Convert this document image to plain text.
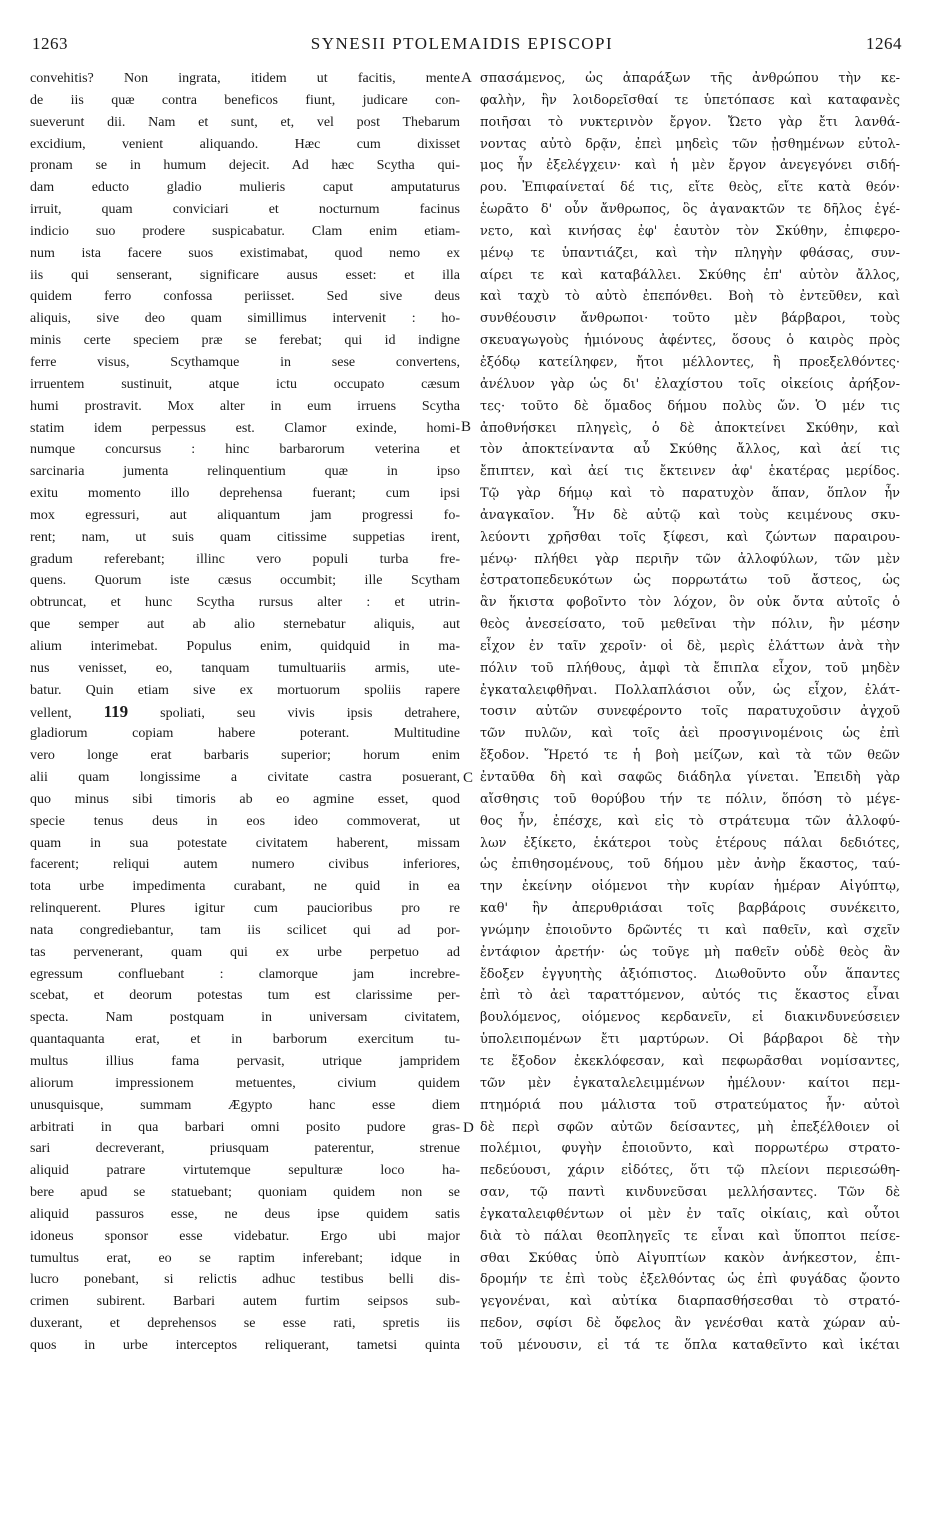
1263	SYNESII PTOLEMAIDIS EPISCOPI	1264
convehitis? Non ingrata, itidem ut facitis, mente
de iis quæ contra beneficos fiunt, judicare con-
sueverunt dii. Nam et sunt, et, vel post Thebarum
excidium, venient aliquando. Hæc cum dixisset
pronam se in humum dejecit. Ad hæc Scytha qui-
dam educto gladio mulieris caput amputaturus
irruit, quam conviciari et nocturnum facinus
indicio suo prodere suspicabatur. Clam enim etiam-
num ista facere suos existimabat, quod nemo ex
iis qui senserant, significare ausus esset: et illa
quidem ferro confossa periisset. Sed sive deus
aliquis, sive deo quam simillimus intervenit : ho-
minis certe speciem præ se ferebat; qui id indigne
ferre visus, Scythamque in sese convertens,
irruentem sustinuit, atque ictu occupato cæsum
humi prostravit. Mox alter in eum irruens Scytha
statim idem perpessus est. Clamor exinde, homi-
numque concursus : hinc barbarorum veterina et
sarcinaria jumenta relinquentium quæ in ipso
exitu momento illo deprehensa fuerant; cum ipsi
mox egressuri, aut aliquantum jam progressi fo-
rent; nam, ut suis quam citissime suppetias irent,
gradum referebant; illinc vero populi turba fre-
quens. Quorum iste cæsus occumbit; ille Scytham
obtruncat, et hunc Scytha rursus alter : et utrin-
que semper aut ab alio sternebatur aliquis, aut
alium interimebat. Populus enim, quidquid in ma-
nus venisset, eo, tanquam tumultuariis armis, ute-
batur. Quin etiam sive ex mortuorum spoliis rapere
vellent, 119 spoliati, seu vivis ipsis detrahere,
gladiorum copiam habere poterant. Multitudine
vero longe erat barbaris superior; horum enim
alii quam longissime a civitate castra posuerant,
quo minus sibi timoris ab eo agmine esset, quod
specie tenus deus in eos ideo commoverat, ut
quam in sua potestate civitatem haberent, missam
facerent; reliqui autem numero civibus inferiores,
tota urbe impedimenta curabant, ne quid in ea
relinquerent. Plures igitur cum paucioribus pro re
nata congrediebantur, tam iis scilicet qui ad por-
tas pervenerant, quam qui ex urbe perpetuo ad
egressum confluebant : clamorque jam increbre-
scebat, et deorum potestas tum est clarissime per-
specta. Nam postquam in universam civitatem,
quantaquanta erat, et in barborum exercitum tu-
multus illius fama pervasit, utrique jampridem
aliorum impressionem metuentes, civium quidem
unusquisque, summam Ægypto hanc esse diem
arbitrati in qua barbari omni posito pudore gras-
sari decreverant, priusquam paterentur, strenue
aliquid patrare virtutemque sepulturæ loco ha-
bere apud se statuebant; quoniam quidem non se
aliquid passuros esse, ne deus ipse quidem satis
idoneus sponsor esse videbatur. Ergo ubi major
tumultus erat, eo se raptim inferebant; idque in
lucro ponebant, si relictis adhuc testibus belli dis-
crimen subirent. Barbari autem furtim seipsos sub-
duxerant, et deprehensos se esse rati, spretis iis
quos in urbe interceptos reliquerant, tametsi quinta
σπασάμενος, ὡς ἀπαράξων τῆς ἀνθρώπου τὴν κε-
φαλὴν, ἣν λοιδορεῖσθαί τε ὑπετόπασε καὶ καταφανὲς
ποιῆσαι τὸ νυκτερινὸν ἔργον. Ὤετο γὰρ ἔτι λανθά-
νοντας αὐτὸ δρᾷν, ἐπεὶ μηδεὶς τῶν ᾐσθημένων εὐτολ-
μος ἦν ἐξελέγχειν· καὶ ἡ μὲν ἔργον ἀνεγεγόνει σιδή-
ρου. Ἐπιφαίνεταί δέ τις, εἴτε θεὸς, εἴτε κατὰ θεόν·
ἑωρᾶτο δ' οὖν ἄνθρωπος, ὃς ἀγανακτῶν τε δῆλος ἐγέ-
νετο, καὶ κινήσας ἐφ' ἑαυτὸν τὸν Σκύθην, ἐπιφερο-
μένῳ τε ὑπαντιάζει, καὶ τὴν πληγὴν φθάσας, συν-
αίρει τε καὶ καταβάλλει. Σκύθης ἐπ' αὐτὸν ἄλλος,
καὶ ταχὺ τὸ αὐτὸ ἐπεπόνθει. Βοὴ τὸ ἐντεῦθεν, καὶ
συνθέουσιν ἄνθρωποι· τοῦτο μὲν βάρβαροι, τοὺς
σκευαγωγοὺς ἡμιόνους ἀφέντες, ὅσους ὁ καιρὸς πρὸς
ἐξόδῳ κατείληφεν, ἤτοι μέλλοντες, ἢ προεξελθόντες·
ἀνέλυον γὰρ ὡς δι' ἐλαχίστου τοῖς οἰκείοις ἀρήξον-
τες· τοῦτο δὲ ὅμαδος δήμου πολὺς ὤν. Ὁ μέν τις
ἀποθνήσκει πληγεὶς, ὁ δὲ ἀποκτείνει Σκύθην, καὶ
τὸν ἀποκτείναντα αὖ Σκύθης ἄλλος, καὶ ἀεί τις
ἔπιπτεν, καὶ ἀεί τις ἔκτεινεν ἀφ' ἑκατέρας μερίδος.
Τῷ γὰρ δήμῳ καὶ τὸ παρατυχὸν ἅπαν, ὅπλον ἦν
ἀναγκαῖον. Ἦν δὲ αὐτῷ καὶ τοὺς κειμένους σκυ-
λεύοντι χρῆσθαι τοῖς ξίφεσι, καὶ ζώντων παραιρου-
μένῳ· πλήθει γὰρ περιῆν τῶν ἀλλοφύλων, τῶν μὲν
ἐστρατοπεδευκότων ὡς πορρωτάτω τοῦ ἄστεος, ὡς
ἂν ἥκιστα φοβοῖντο τὸν λόχον, ὃν οὐκ ὄντα αὐτοῖς ὁ
θεὸς ἀνεσείσατο, τοῦ μεθεῖναι τὴν πόλιν, ἣν μέσην
εἶχον ἐν ταῖν χεροῖν· οἱ δὲ, μερὶς ἐλάττων ἀνὰ τὴν
πόλιν τοῦ πλήθους, ἀμφὶ τὰ ἔπιπλα εἶχον, τοῦ μηδὲν
ἐγκαταλειφθῆναι. Πολλαπλάσιοι οὖν, ὡς εἶχον, ἐλάτ-
τοσιν αὐτῶν συνεφέροντο τοῖς παρατυχοῦσιν ἀγχοῦ
τῶν πυλῶν, καὶ τοῖς ἀεὶ προσγινομένοις ὡς ἐπὶ
ἔξοδον. Ἤρετό τε ἡ βοὴ μείζων, καὶ τὰ τῶν θεῶν
ἐνταῦθα δὴ καὶ σαφῶς διάδηλα γίνεται. Ἐπειδὴ γὰρ
αἴσθησις τοῦ θορύβου τήν τε πόλιν, ὅπόση τὸ μέγε-
θος ἦν, ἐπέσχε, καὶ εἰς τὸ στράτευμα τῶν ἀλλοφύ-
λων ἐξίκετο, ἑκάτεροι τοὺς ἑτέρους πάλαι δεδιότες,
ὡς ἐπιθησομένους, τοῦ δήμου μὲν ἀνὴρ ἕκαστος, ταύ-
την ἐκείνην οἰόμενοι τὴν κυρίαν ἡμέραν Αἰγύπτῳ,
καθ' ἣν ἀπερυθριάσαι τοῖς βαρβάροις συνέκειτο,
γνώμην ἐποιοῦντο δρῶντές τι καὶ παθεῖν, καὶ σχεῖν
ἐντάφιον ἀρετήν· ὡς τοῦγε μὴ παθεῖν οὐδὲ θεὸς ἂν
ἔδοξεν ἐγγυητὴς ἀξιόπιστος. Διωθοῦντο οὖν ἅπαντες
ἐπὶ τὸ ἀεὶ ταραττόμενον, αὐτός τις ἕκαστος εἶναι
βουλόμενος, οἰόμενος κερδανεῖν, εἰ διακινδυνεύσειεν
ὑπολειπομένων ἔτι μαρτύρων. Οἱ βάρβαροι δὲ τὴν
τε ἔξοδον ἐκεκλόφεσαν, καὶ πεφωρᾶσθαι νομίσαντες,
τῶν μὲν ἐγκαταλελειμμένων ἠμέλουν· καίτοι πεμ-
πτημόριά που μάλιστα τοῦ στρατεύματος ἦν· αὐτοὶ
δὲ περὶ σφῶν αὐτῶν δείσαντες, μὴ ἐπεξέλθοιεν οἱ
πολέμιοι, φυγὴν ἐποιοῦντο, καὶ πορρωτέρω στρατο-
πεδεύουσι, χάριν εἰδότες, ὅτι τῷ πλείονι περιεσώθη-
σαν, τῷ παντὶ κινδυνεῦσαι μελλήσαντες. Τῶν δὲ
ἐγκαταλειφθέντων οἱ μὲν ἐν ταῖς οἰκίαις, καὶ οὗτοι
διὰ τὸ πάλαι θεοπληγεῖς τε εἶναι καὶ ὕποπτοι πείσε-
σθαι Σκύθας ὑπὸ Αἰγυπτίων κακὸν ἀνήκεστον, ἐπι-
δρομήν τε ἐπὶ τοὺς ἐξελθόντας ὡς ἐπὶ φυγάδας ᾤοντο
γεγονέναι, καὶ αὐτίκα διαρπασθήσεσθαι τὸ στρατό-
πεδον, σφίσι δὲ ὄφελος ἂν γενέσθαι κατὰ χώραν αὐ-
τοῦ μένουσιν, εἰ τά τε ὅπλα καταθεῖντο καὶ ἱκέται
A
B
C
D
